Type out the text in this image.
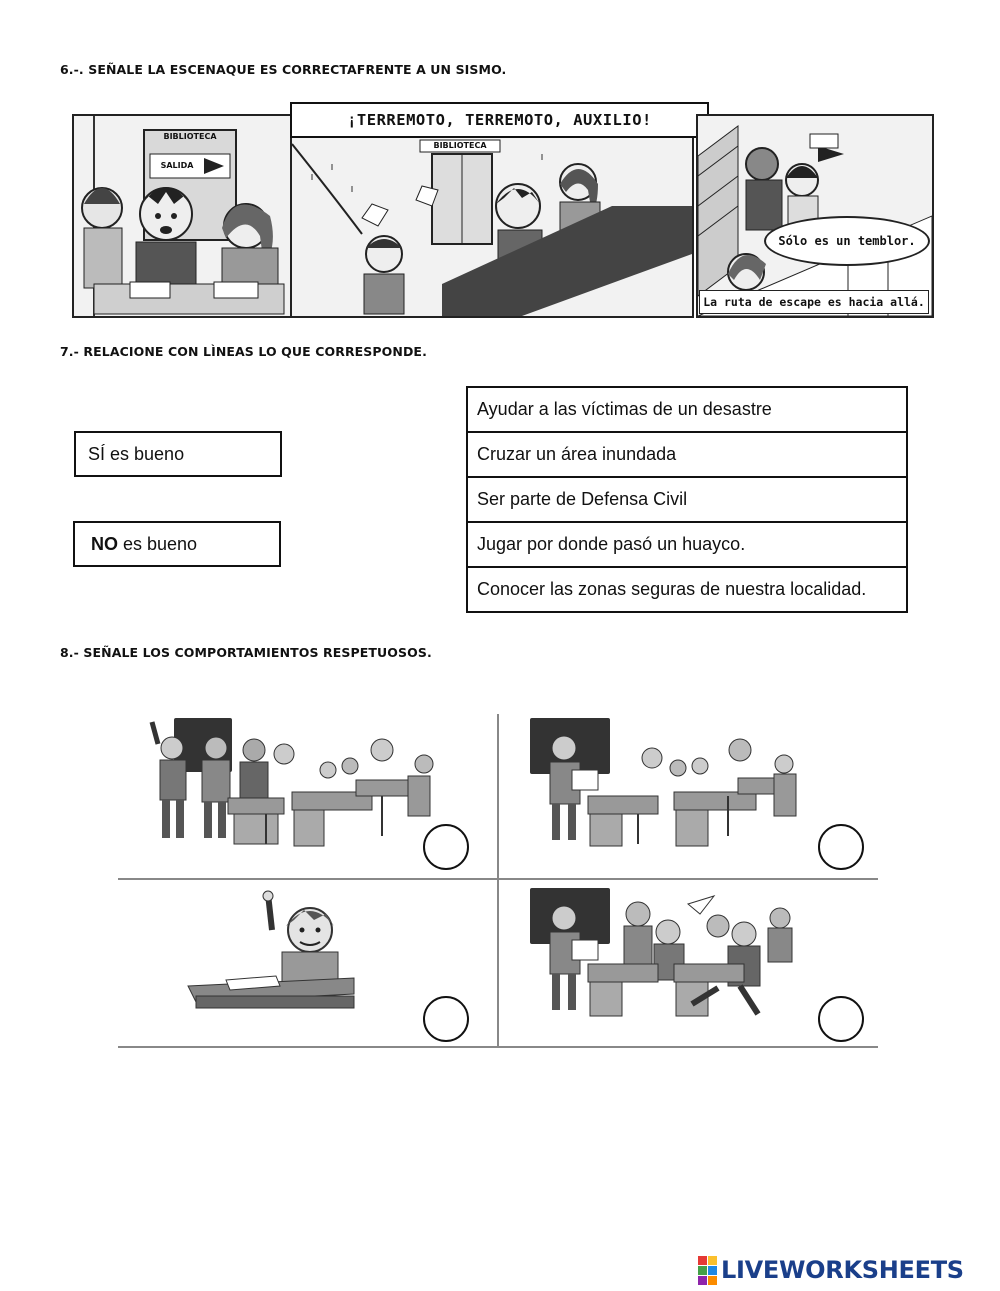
6.-. SEÑALE LA ESCENAQUE ES CORRECTAFRENTE A UN SISMO.
BIBLIOTECA
SALIDA
BIBLIOTECA
¡TERREMOTO, TERREMOTO, AUXILIO!
Sólo es un temblor.
La ruta de escape es hacia allá.
7.- RELACIONE CON LÌNEAS LO QUE CORRESPONDE.
SÍ es bueno
NO es bueno
Ayudar a las víctimas de un desastre
Cruzar un área inundada
Ser parte de Defensa Civil
Jugar por donde pasó un huayco.
Conocer las zonas seguras de nuestra localidad.
8.- SEÑALE LOS COMPORTAMIENTOS RESPETUOSOS.
LIVEWORKSHEETS
